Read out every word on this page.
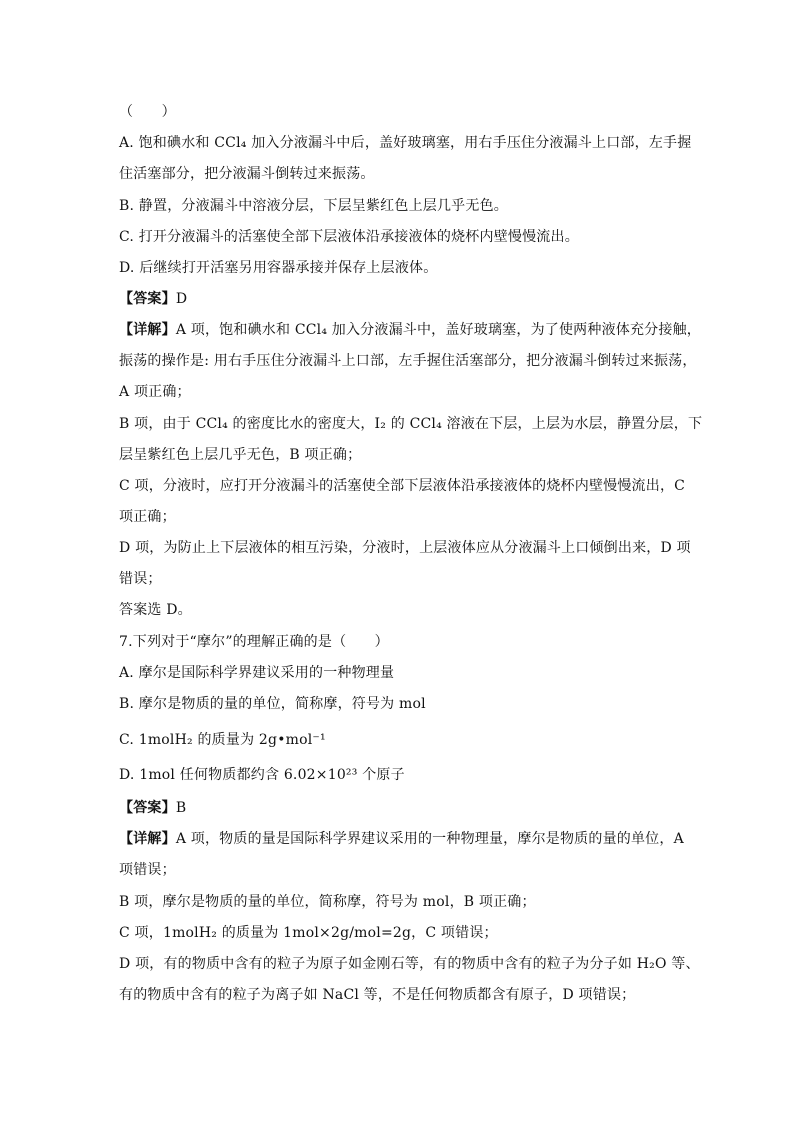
（　　）
A. 饱和碘水和 CCl₄ 加入分液漏斗中后，盖好玻璃塞，用右手压住分液漏斗上口部，左手握
住活塞部分，把分液漏斗倒转过来振荡。
B. 静置，分液漏斗中溶液分层，下层呈紫红色上层几乎无色。
C. 打开分液漏斗的活塞使全部下层液体沿承接液体的烧杯内壁慢慢流出。
D. 后继续打开活塞另用容器承接并保存上层液体。
【答案】D
【详解】A 项，饱和碘水和 CCl₄ 加入分液漏斗中，盖好玻璃塞，为了使两种液体充分接触，
振荡的操作是: 用右手压住分液漏斗上口部，左手握住活塞部分，把分液漏斗倒转过来振荡，
A 项正确；
B 项，由于 CCl₄ 的密度比水的密度大，I₂ 的 CCl₄ 溶液在下层，上层为水层，静置分层，下
层呈紫红色上层几乎无色，B 项正确；
C 项，分液时，应打开分液漏斗的活塞使全部下层液体沿承接液体的烧杯内壁慢慢流出，C
项正确；
D 项，为防止上下层液体的相互污染，分液时，上层液体应从分液漏斗上口倾倒出来，D 项
错误；
答案选 D。
7.下列对于“摩尔”的理解正确的是（　　）
A. 摩尔是国际科学界建议采用的一种物理量
B. 摩尔是物质的量的单位，简称摩，符号为 mol
C. 1molH₂ 的质量为 2g•mol⁻¹
D. 1mol 任何物质都约含 6.02×10²³ 个原子
【答案】B
【详解】A 项，物质的量是国际科学界建议采用的一种物理量，摩尔是物质的量的单位，A
项错误；
B 项，摩尔是物质的量的单位，简称摩，符号为 mol，B 项正确；
C 项，1molH₂ 的质量为 1mol×2g/mol=2g，C 项错误；
D 项，有的物质中含有的粒子为原子如金刚石等，有的物质中含有的粒子为分子如 H₂O 等、
有的物质中含有的粒子为离子如 NaCl 等，不是任何物质都含有原子，D 项错误；
